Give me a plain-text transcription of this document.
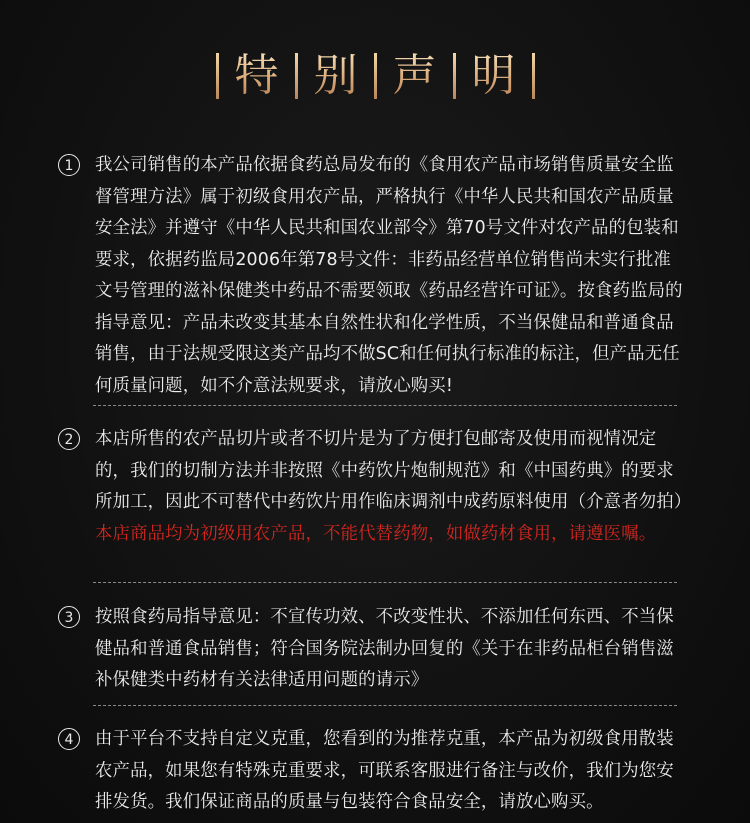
特 别 声 明
1	我公司销售的本产品依据食药总局发布的《食用农产品市场销售质量安全监督管理方法》属于初级食用农产品，严格执行《中华人民共和国农产品质量安全法》并遵守《中华人民共和国农业部令》第70号文件对农产品的包装和要求，依据药监局2006年第78号文件：非药品经营单位销售尚未实行批准文号管理的滋补保健类中药品不需要领取《药品经营许可证》。按食药监局的指导意见：产品未改变其基本自然性状和化学性质，不当保健品和普通食品销售，由于法规受限这类产品均不做SC和任何执行标准的标注，但产品无任何质量问题，如不介意法规要求，请放心购买!
2	本店所售的农产品切片或者不切片是为了方便打包邮寄及使用而视情况定的，我们的切制方法并非按照《中药饮片炮制规范》和《中国药典》的要求所加工，因此不可替代中药饮片用作临床调剂中成药原料使用（介意者勿拍）
本店商品均为初级用农产品，不能代替药物，如做药材食用，请遵医嘱。
3	按照食药局指导意见：不宣传功效、不改变性状、不添加任何东西、不当保健品和普通食品销售；符合国务院法制办回复的《关于在非药品柜台销售滋补保健类中药材有关法律适用问题的请示》
4	由于平台不支持自定义克重，您看到的为推荐克重，本产品为初级食用散装农产品，如果您有特殊克重要求，可联系客服进行备注与改价，我们为您安排发货。我们保证商品的质量与包装符合食品安全，请放心购买。
